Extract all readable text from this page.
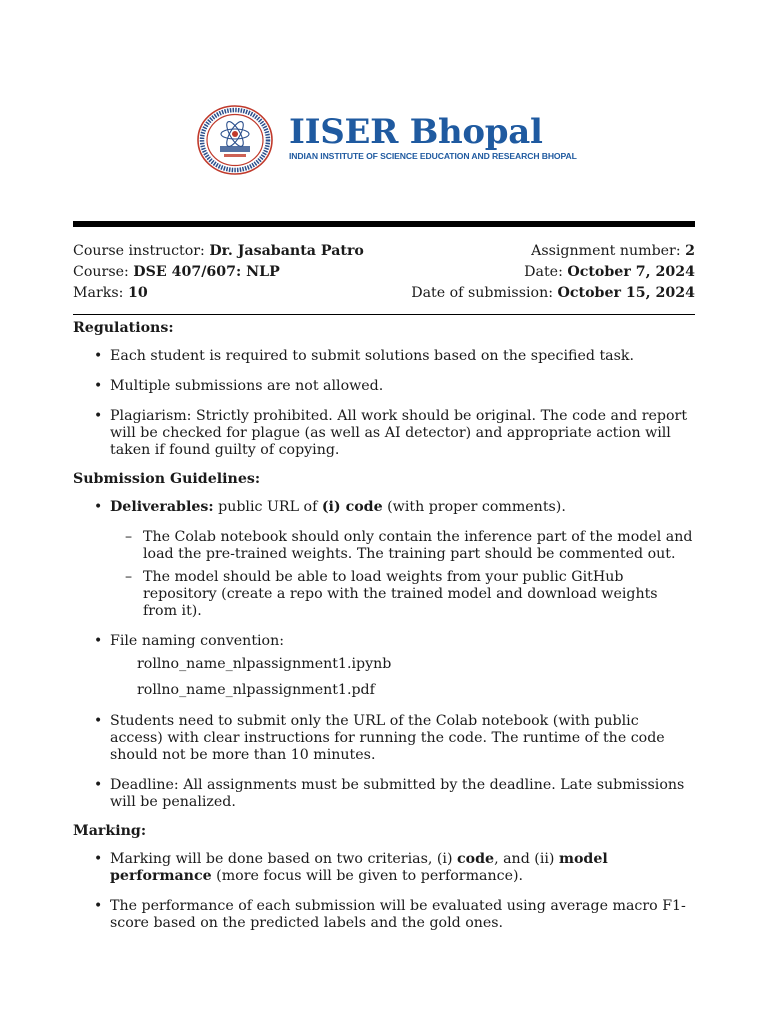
IISER Bhopal
INDIAN INSTITUTE OF SCIENCE EDUCATION AND RESEARCH BHOPAL
Course instructor: Dr. Jasabanta Patro	Assignment number: 2
Course: DSE 407/607: NLP	Date: October 7, 2024
Marks: 10	Date of submission: October 15, 2024
Regulations:
• Each student is required to submit solutions based on the specified task.
• Multiple submissions are not allowed.
• Plagiarism: Strictly prohibited. All work should be original. The code and report will be checked for plague (as well as AI detector) and appropriate action will taken if found guilty of copying.
Submission Guidelines:
• Deliverables: public URL of (i) code (with proper comments).
– The Colab notebook should only contain the inference part of the model and load the pre-trained weights. The training part should be commented out.
– The model should be able to load weights from your public GitHub repository (create a repo with the trained model and download weights from it).
• File naming convention:
rollno_name_nlpassignment1.ipynb
rollno_name_nlpassignment1.pdf
• Students need to submit only the URL of the Colab notebook (with public access) with clear instructions for running the code. The runtime of the code should not be more than 10 minutes.
• Deadline: All assignments must be submitted by the deadline. Late submissions will be penalized.
Marking:
• Marking will be done based on two criterias, (i) code, and (ii) model performance (more focus will be given to performance).
• The performance of each submission will be evaluated using average macro F1-score based on the predicted labels and the gold ones.
